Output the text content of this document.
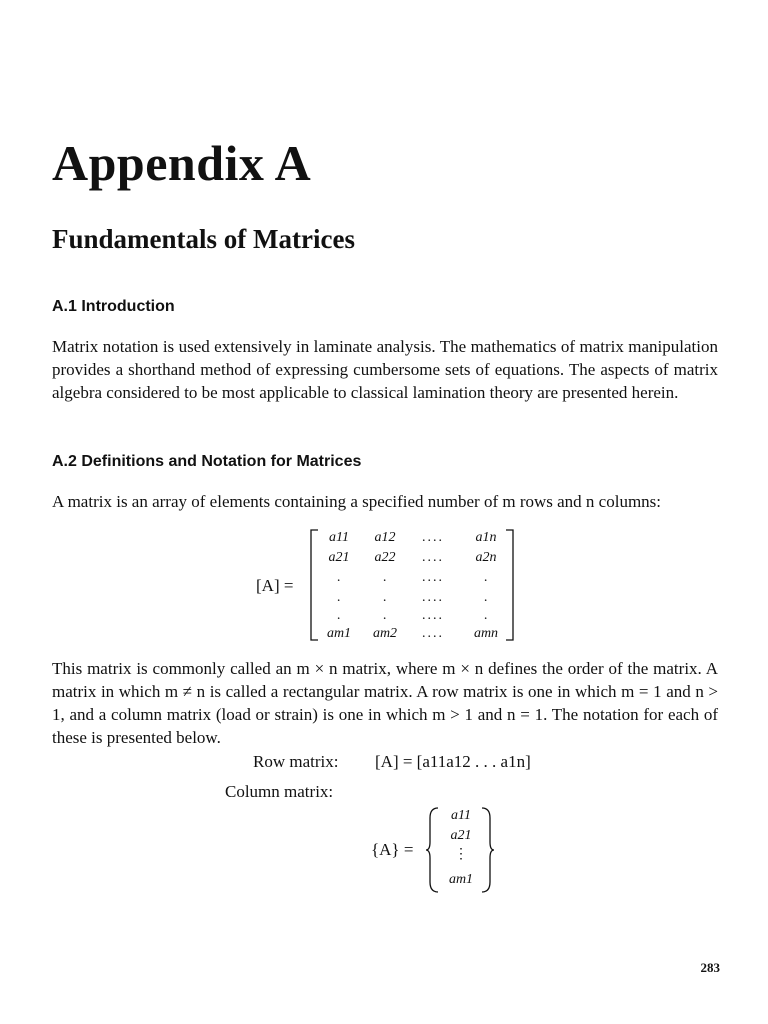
Appendix A
Fundamentals of Matrices
A.1 Introduction

Matrix notation is used extensively in laminate analysis. The mathematics of matrix manipulation provides a shorthand method of expressing cumbersome sets of equations. The aspects of matrix algebra considered to be most applicable to classical lamination theory are presented herein.

A.2 Definitions and Notation for Matrices

A matrix is an array of elements containing a specified number of m rows and n columns:

[A] =
a11	a12	....	a1n
a21	a22	....	a2n
.	.	....	.
.	.	....	.
.	.	....	.
am1	am2	....	amn

This matrix is commonly called an m × n matrix, where m × n defines the order of the matrix. A matrix in which m ≠ n is called a rectangular matrix. A row matrix is one in which m = 1 and n > 1, and a column matrix (load or strain) is one in which m > 1 and n = 1. The notation for each of these is presented below.

Row matrix: [A] = [a11a12 . . . a1n]
Column matrix:
{A} =
a11
a21
⋮
am1
283
